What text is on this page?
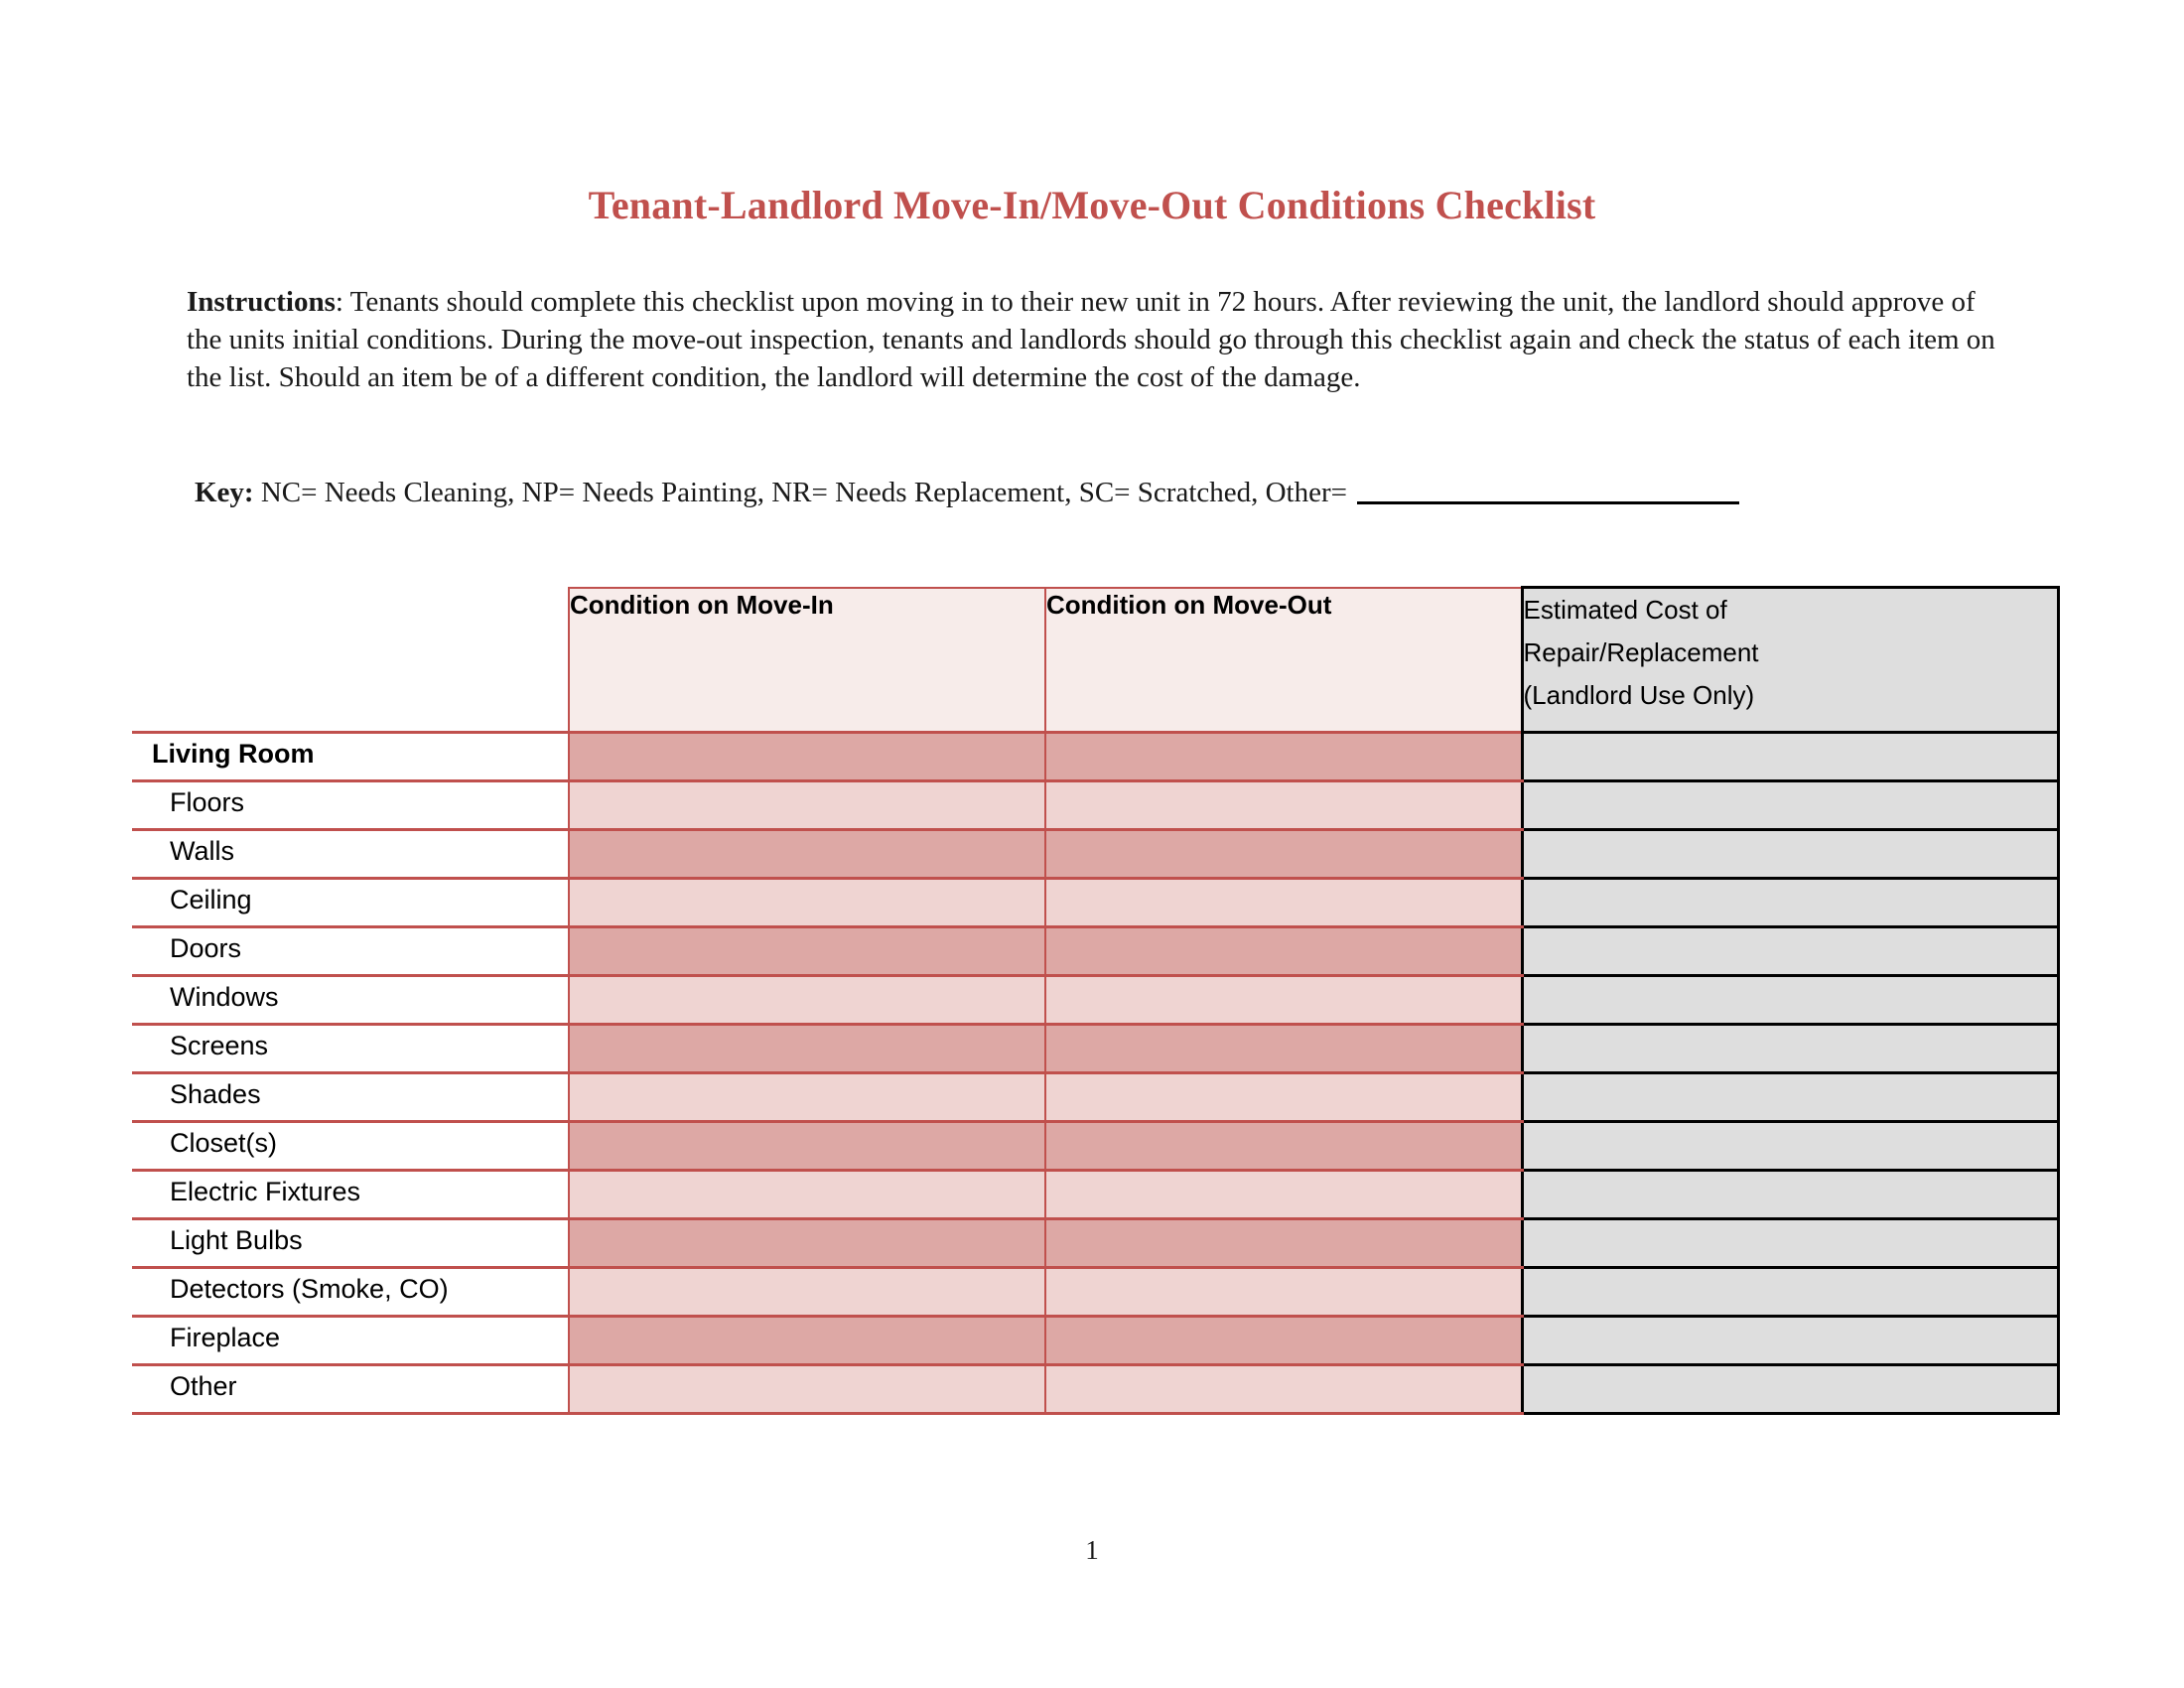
Tenant-Landlord Move-In/Move-Out Conditions Checklist
Instructions: Tenants should complete this checklist upon moving in to their new unit in 72 hours. After reviewing the unit, the landlord should approve of the units initial conditions. During the move-out inspection, tenants and landlords should go through this checklist again and check the status of each item on the list. Should an item be of a different condition, the landlord will determine the cost of the damage.
Key: NC= Needs Cleaning, NP= Needs Painting, NR= Needs Replacement, SC= Scratched, Other=
	Condition on Move-In	Condition on Move-Out	Estimated Cost of
Repair/Replacement
(Landlord Use Only)

Living Room			

Floors			

Walls			

Ceiling			

Doors			

Windows			

Screens			

Shades			

Closet(s)			

Electric Fixtures			

Light Bulbs			

Detectors (Smoke, CO)			

Fireplace			

Other			

1
